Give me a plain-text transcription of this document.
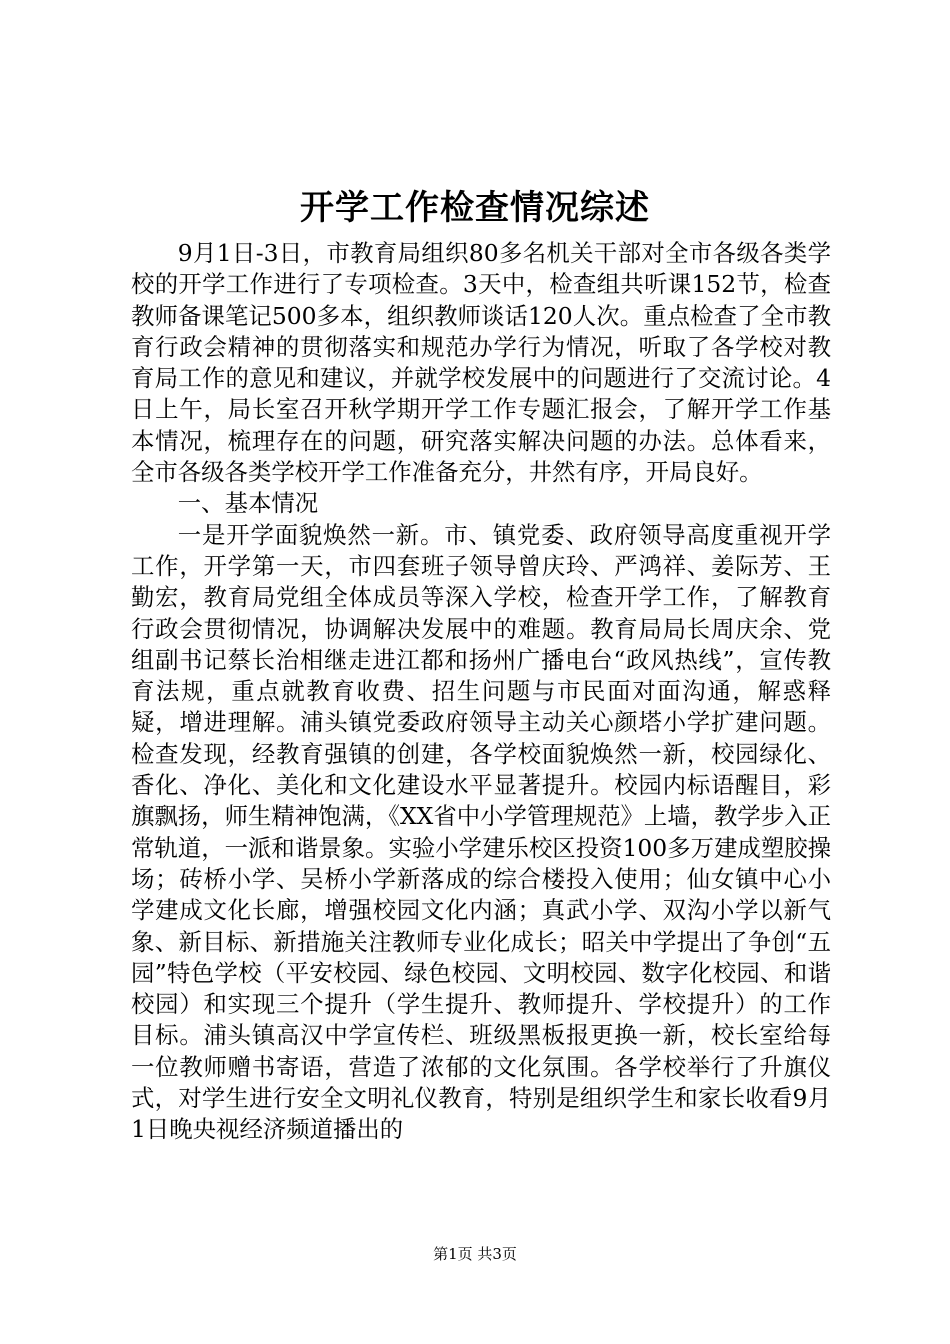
开学工作检查情况综述

9月1日-3日，市教育局组织80多名机关干部对全市各级各类学校的开学工作进行了专项检查。3天中，检查组共听课152节，检查教师备课笔记500多本，组织教师谈话120人次。重点检查了全市教育行政会精神的贯彻落实和规范办学行为情况，听取了各学校对教育局工作的意见和建议，并就学校发展中的问题进行了交流讨论。4日上午，局长室召开秋学期开学工作专题汇报会，了解开学工作基本情况，梳理存在的问题，研究落实解决问题的办法。总体看来，全市各级各类学校开学工作准备充分，井然有序，开局良好。

一、基本情况

一是开学面貌焕然一新。市、镇党委、政府领导高度重视开学工作，开学第一天，市四套班子领导曾庆玲、严鸿祥、姜际芳、王勤宏，教育局党组全体成员等深入学校，检查开学工作，了解教育行政会贯彻情况，协调解决发展中的难题。教育局局长周庆余、党组副书记蔡长治相继走进江都和扬州广播电台“政风热线”，宣传教育法规，重点就教育收费、招生问题与市民面对面沟通，解惑释疑，增进理解。浦头镇党委政府领导主动关心颜塔小学扩建问题。检查发现，经教育强镇的创建，各学校面貌焕然一新，校园绿化、香化、净化、美化和文化建设水平显著提升。校园内标语醒目，彩旗飘扬，师生精神饱满，《XX省中小学管理规范》上墙，教学步入正常轨道，一派和谐景象。实验小学建乐校区投资100多万建成塑胶操场；砖桥小学、吴桥小学新落成的综合楼投入使用；仙女镇中心小学建成文化长廊，增强校园文化内涵；真武小学、双沟小学以新气象、新目标、新措施关注教师专业化成长；昭关中学提出了争创“五园”特色学校（平安校园、绿色校园、文明校园、数字化校园、和谐校园）和实现三个提升（学生提升、教师提升、学校提升）的工作目标。浦头镇高汉中学宣传栏、班级黑板报更换一新，校长室给每一位教师赠书寄语，营造了浓郁的文化氛围。各学校举行了升旗仪式，对学生进行安全文明礼仪教育，特别是组织学生和家长收看9月1日晚央视经济频道播出的

第1页 共3页
